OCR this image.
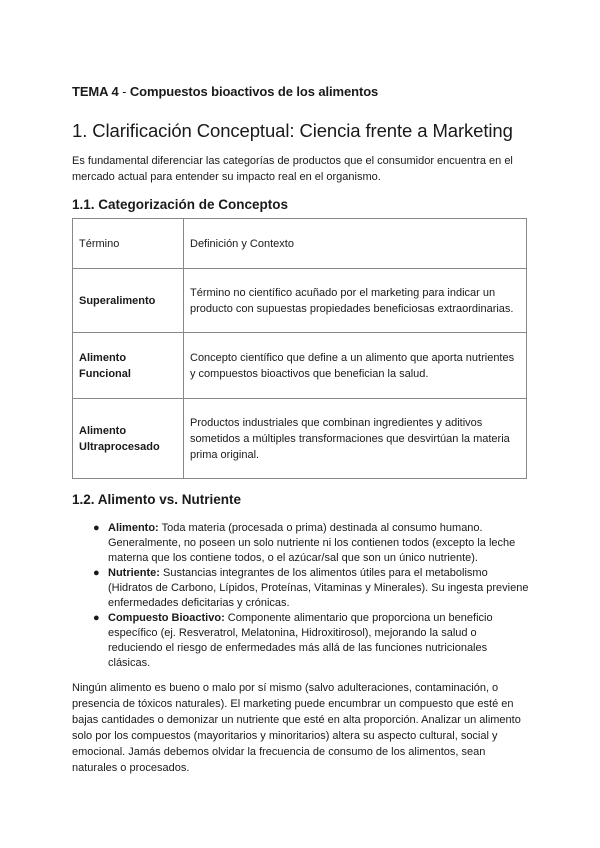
TEMA 4 - Compuestos bioactivos de los alimentos
1. Clarificación Conceptual: Ciencia frente a Marketing

Es fundamental diferenciar las categorías de productos que el consumidor encuentra en el mercado actual para entender su impacto real en el organismo.

1.1. Categorización de Conceptos
Término	Definición y Contexto
Superalimento	Término no científico acuñado por el marketing para indicar un producto con supuestas propiedades beneficiosas extraordinarias.
Alimento Funcional	Concepto científico que define a un alimento que aporta nutrientes y compuestos bioactivos que benefician la salud.
Alimento Ultraprocesado	Productos industriales que combinan ingredientes y aditivos sometidos a múltiples transformaciones que desvirtúan la materia prima original.
1.2. Alimento vs. Nutriente
● Alimento: Toda materia (procesada o prima) destinada al consumo humano. Generalmente, no poseen un solo nutriente ni los contienen todos (excepto la leche materna que los contiene todos, o el azúcar/sal que son un único nutriente).
● Nutriente: Sustancias integrantes de los alimentos útiles para el metabolismo (Hidratos de Carbono, Lípidos, Proteínas, Vitaminas y Minerales). Su ingesta previene enfermedades deficitarias y crónicas.
● Compuesto Bioactivo: Componente alimentario que proporciona un beneficio específico (ej. Resveratrol, Melatonina, Hidroxitirosol), mejorando la salud o reduciendo el riesgo de enfermedades más allá de las funciones nutricionales clásicas.

Ningún alimento es bueno o malo por sí mismo (salvo adulteraciones, contaminación, o presencia de tóxicos naturales). El marketing puede encumbrar un compuesto que esté en bajas cantidades o demonizar un nutriente que esté en alta proporción. Analizar un alimento solo por los compuestos (mayoritarios y minoritarios) altera su aspecto cultural, social y emocional. Jamás debemos olvidar la frecuencia de consumo de los alimentos, sean naturales o procesados.
